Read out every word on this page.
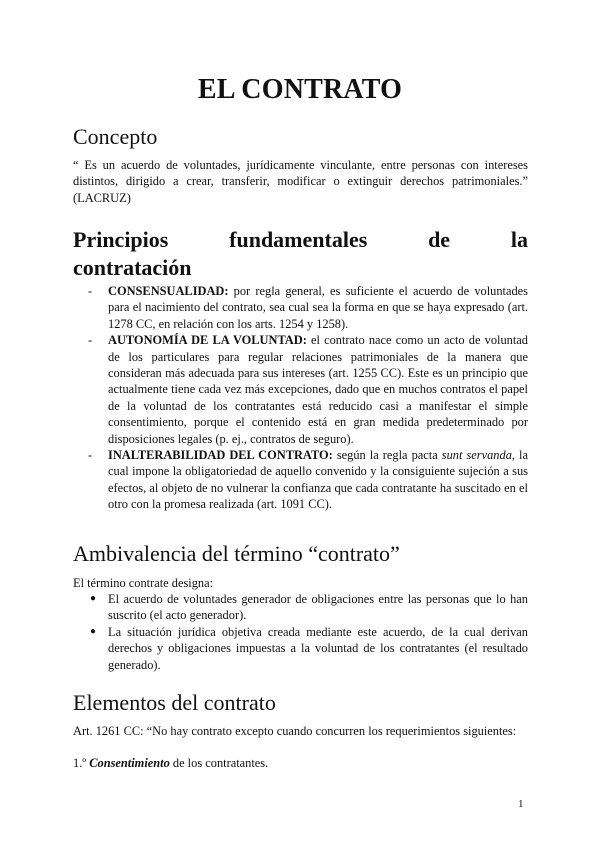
EL CONTRATO
Concepto

“ Es un acuerdo de voluntades, jurídicamente vinculante, entre personas con intereses distintos, dirigido a crear, transferir, modificar o extinguir derechos patrimoniales.” (LACRUZ)

Principios fundamentales de la
contratación
- CONSENSUALIDAD: por regla general, es suficiente el acuerdo de voluntades para el nacimiento del contrato, sea cual sea la forma en que se haya expresado (art. 1278 CC, en relación con los arts. 1254 y 1258).
- AUTONOMÍA DE LA VOLUNTAD: el contrato nace como un acto de voluntad de los particulares para regular relaciones patrimoniales de la manera que consideran más adecuada para sus intereses (art. 1255 CC). Este es un principio que actualmente tiene cada vez más excepciones, dado que en muchos contratos el papel de la voluntad de los contratantes está reducido casi a manifestar el simple consentimiento, porque el contenido está en gran medida predeterminado por disposiciones legales (p. ej., contratos de seguro).
- INALTERABILIDAD DEL CONTRATO: según la regla pacta sunt servanda, la cual impone la obligatoriedad de aquello convenido y la consiguiente sujeción a sus efectos, al objeto de no vulnerar la confianza que cada contratante ha suscitado en el otro con la promesa realizada (art. 1091 CC).
Ambivalencia del término “contrato”

El término contrate designa:

● El acuerdo de voluntades generador de obligaciones entre las personas que lo han suscrito (el acto generador).
● La situación jurídica objetiva creada mediante este acuerdo, de la cual derivan derechos y obligaciones impuestas a la voluntad de los contratantes (el resultado generado).
Elementos del contrato

Art. 1261 CC: “No hay contrato excepto cuando concurren los requerimientos siguientes:

1.º Consentimiento de los contratantes.

1
